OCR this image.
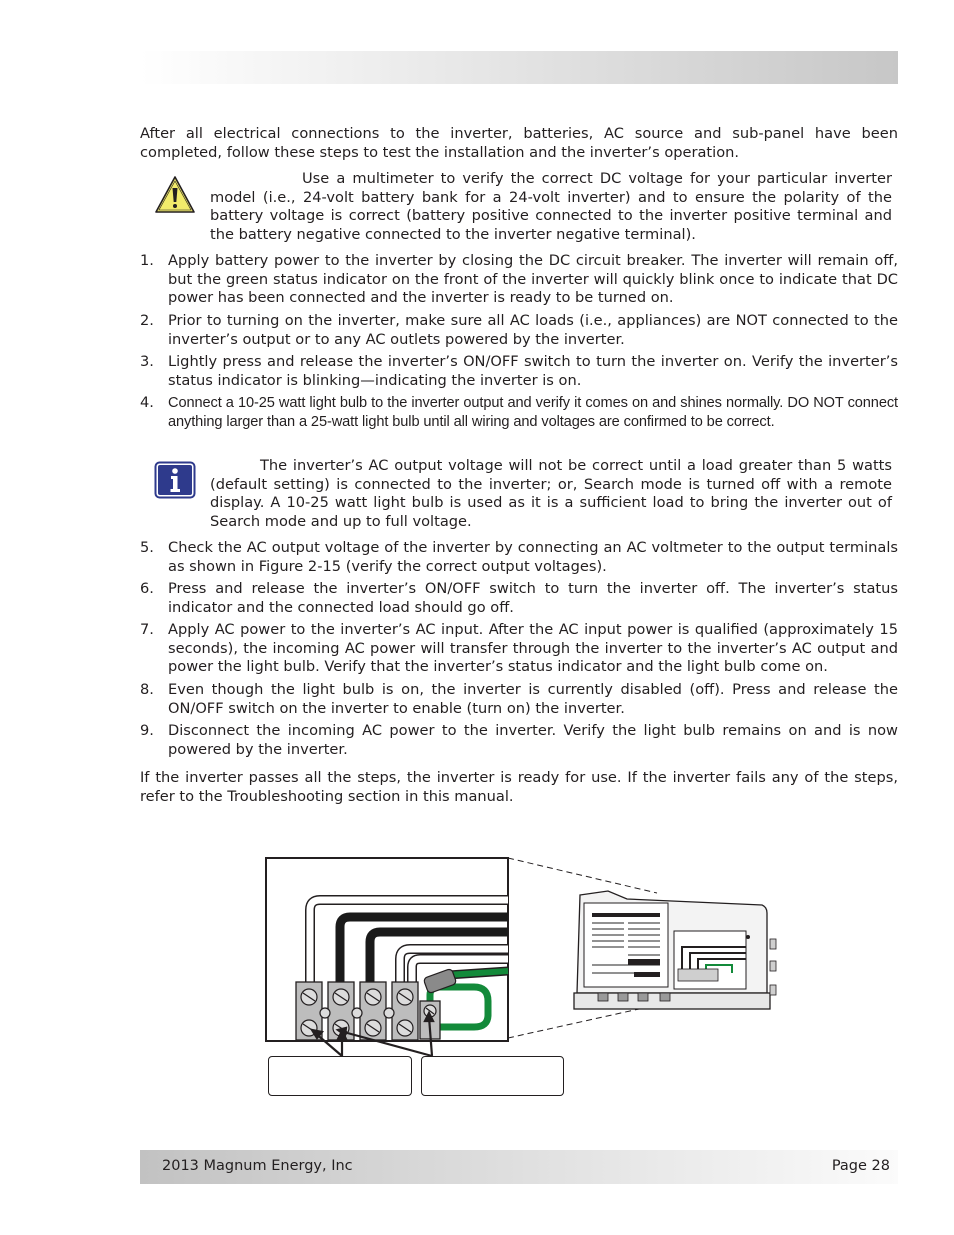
After all electrical connections to the inverter, batteries, AC source and sub-panel have been completed, follow these steps to test the installation and the inverter’s operation.
Use a multimeter to verify the correct DC voltage for your particular inverter model (i.e., 24-volt battery bank for a 24-volt inverter) and to ensure the polarity of the battery voltage is correct (battery positive connected to the inverter positive terminal and the battery negative connected to the inverter negative terminal).
1. Apply battery power to the inverter by closing the DC circuit breaker. The inverter will remain off, but the green status indicator on the front of the inverter will quickly blink once to indicate that DC power has been connected and the inverter is ready to be turned on.
2. Prior to turning on the inverter, make sure all AC loads (i.e., appliances) are NOT connected to the inverter’s output or to any AC outlets powered by the inverter.
3. Lightly press and release the inverter’s ON/OFF switch to turn the inverter on. Verify the inverter’s status indicator is blinking—indicating the inverter is on.
4. Connect a 10-25 watt light bulb to the inverter output and verify it comes on and shines normally. DO NOT connect anything larger than a 25-watt light bulb until all wiring and voltages are confirmed to be correct.
The inverter’s AC output voltage will not be correct until a load greater than 5 watts (default setting) is connected to the inverter; or, Search mode is turned off with a remote display. A 10-25 watt light bulb is used as it is a sufficient load to bring the inverter out of Search mode and up to full voltage.
5. Check the AC output voltage of the inverter by connecting an AC voltmeter to the output terminals as shown in Figure 2-15 (verify the correct output voltages).
6. Press and release the inverter’s ON/OFF switch to turn the inverter off. The inverter’s status indicator and the connected load should go off.
7. Apply AC power to the inverter’s AC input. After the AC input power is qualified (approximately 15 seconds), the incoming AC power will transfer through the inverter to the inverter’s AC output and power the light bulb. Verify that the inverter’s status indicator and the light bulb come on.
8. Even though the light bulb is on, the inverter is currently disabled (off). Press and release the ON/OFF switch on the inverter to enable (turn on) the inverter.
9. Disconnect the incoming AC power to the inverter. Verify the light bulb remains on and is now powered by the inverter.
If the inverter passes all the steps, the inverter is ready for use. If the inverter fails any of the steps, refer to the Troubleshooting section in this manual.
2013 Magnum Energy, Inc	Page 28
